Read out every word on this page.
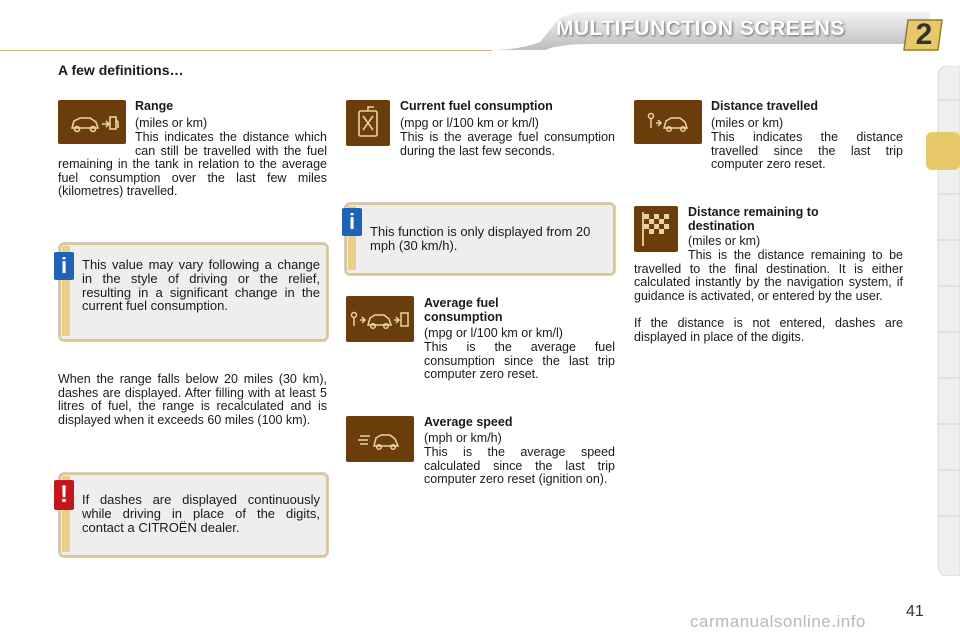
MULTIFUNCTION SCREENS	2
A few definitions…
Range
(miles or km)
This indicates the distance which can still be travelled with the fuel remaining in the tank in relation to the average fuel consumption over the last few miles (kilometres) travelled.
i	This value may vary following a change in the style of driving or the relief, resulting in a significant change in the current fuel consumption.
When the range falls below 20 miles (30 km), dashes are displayed. After filling with at least 5 litres of fuel, the range is recalculated and is displayed when it exceeds 60 miles (100 km).
!	If dashes are displayed continuously while driving in place of the digits, contact a CITROËN dealer.
Current fuel consumption
(mpg or l/100 km or km/l)
This is the average fuel consumption during the last few seconds.
i	This function is only displayed from 20 mph (30 km/h).
Average fuel consumption
(mpg or l/100 km or km/l)
This is the average fuel consumption since the last trip computer zero reset.
Average speed
(mph or km/h)
This is the average speed calculated since the last trip computer zero reset (ignition on).
Distance travelled
(miles or km)
This indicates the distance travelled since the last trip computer zero reset.
Distance remaining to destination
(miles or km)
This is the distance remaining to be travelled to the final destination. It is either calculated instantly by the navigation system, if guidance is activated, or entered by the user.
If the distance is not entered, dashes are displayed in place of the digits.
carmanualsonline.info
41
